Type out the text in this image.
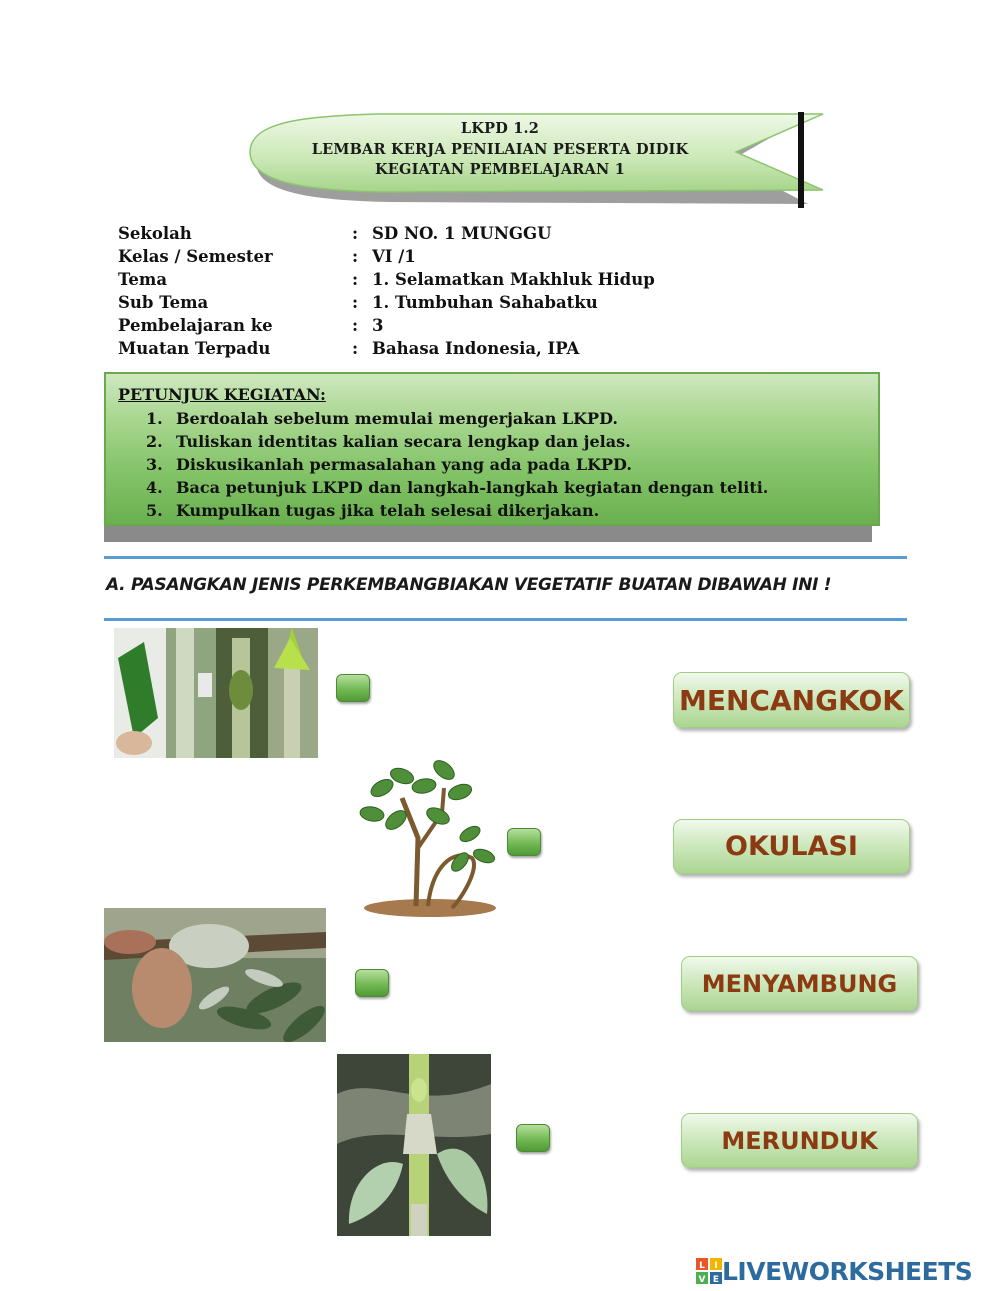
LKPD 1.2
LEMBAR KERJA PENILAIAN PESERTA DIDIK
KEGIATAN PEMBELAJARAN 1
Sekolah	: SD NO. 1 MUNGGU
Kelas / Semester	: VI /1
Tema	: 1. Selamatkan Makhluk Hidup
Sub Tema	: 1. Tumbuhan Sahabatku
Pembelajaran ke	: 3
Muatan Terpadu	: Bahasa Indonesia, IPA
PETUNJUK KEGIATAN:
1. Berdoalah sebelum memulai mengerjakan LKPD.
2. Tuliskan identitas kalian secara lengkap dan jelas.
3. Diskusikanlah permasalahan yang ada pada LKPD.
4. Baca petunjuk LKPD dan langkah-langkah kegiatan dengan teliti.
5. Kumpulkan tugas jika telah selesai dikerjakan.
A. PASANGKAN JENIS PERKEMBANGBIAKAN VEGETATIF BUATAN DIBAWAH INI !
MENCANGKOK
OKULASI
MENYAMBUNG
MERUNDUK
L I
V E LIVEWORKSHEETS
